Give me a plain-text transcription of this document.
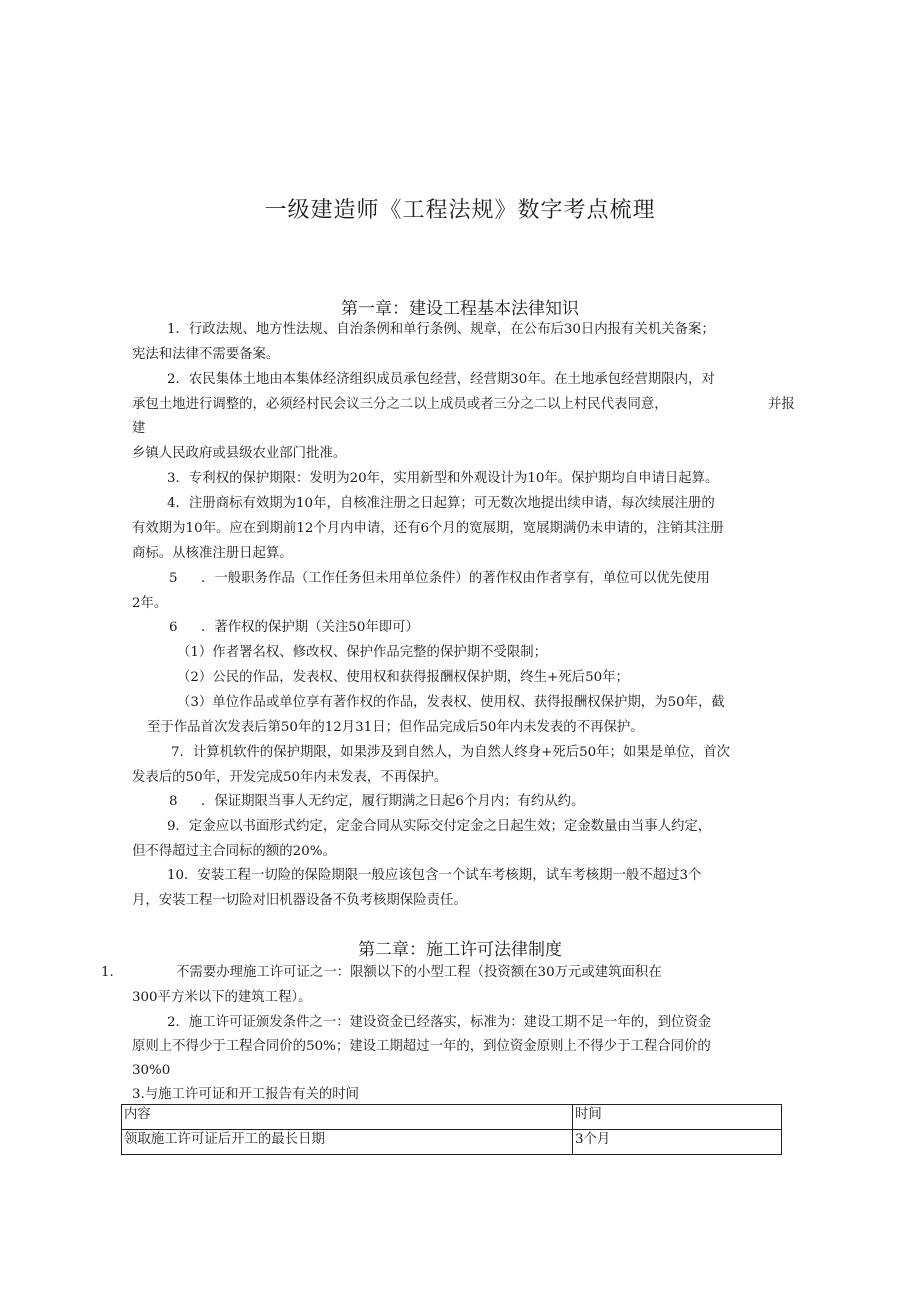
一级建造师《工程法规》数字考点梳理
第一章：建设工程基本法律知识
1．行政法规、地方性法规、自治条例和单行条例、规章，在公布后30日内报有关机关备案；
宪法和法律不需要备案。
2．农民集体土地由本集体经济组织成员承包经营，经营期30年。在土地承包经营期限内，对
承包土地进行调整的，必须经村民会议三分之二以上成员或者三分之二以上村民代表同意，	并报
建
乡镇人民政府或县级农业部门批准。
3．专利权的保护期限：发明为20年，实用新型和外观设计为10年。保护期均自申请日起算。
4．注册商标有效期为10年，自核准注册之日起算；可无数次地提出续申请，每次续展注册的
有效期为10年。应在到期前12个月内申请，还有6个月的宽展期，宽展期满仍未申请的，注销其注册
商标。从核准注册日起算。
5 ．一般职务作品（工作任务但未用单位条件）的著作权由作者享有，单位可以优先使用
2年。
6 ．著作权的保护期（关注50年即可）
（1）作者署名权、修改权、保护作品完整的保护期不受限制；
（2）公民的作品，发表权、使用权和获得报酬权保护期，终生+死后50年；
（3）单位作品或单位享有著作权的作品，发表权、使用权、获得报酬权保护期，为50年，截
至于作品首次发表后第50年的12月31日；但作品完成后50年内未发表的不再保护。
7．计算机软件的保护期限，如果涉及到自然人，为自然人终身+死后50年；如果是单位，首次
发表后的50年，开发完成50年内未发表，不再保护。
8 ．保证期限当事人无约定，履行期满之日起6个月内；有约从约。
9．定金应以书面形式约定，定金合同从实际交付定金之日起生效；定金数量由当事人约定，
但不得超过主合同标的额的20%。
10．安装工程一切险的保险期限一般应该包含一个试车考核期，试车考核期一般不超过3个
月，安装工程一切险对旧机器设备不负考核期保险责任。
第二章：施工许可法律制度
1.	不需要办理施工许可证之一：限额以下的小型工程（投资额在30万元或建筑面积在
300平方米以下的建筑工程）。
2．施工许可证颁发条件之一：建设资金已经落实，标准为：建设工期不足一年的，到位资金
原则上不得少于工程合同价的50%；建设工期超过一年的，到位资金原则上不得少于工程合同价的
30%0
3.与施工许可证和开工报告有关的时间
内容	时间
领取施工许可证后开工的最长日期	3个月
